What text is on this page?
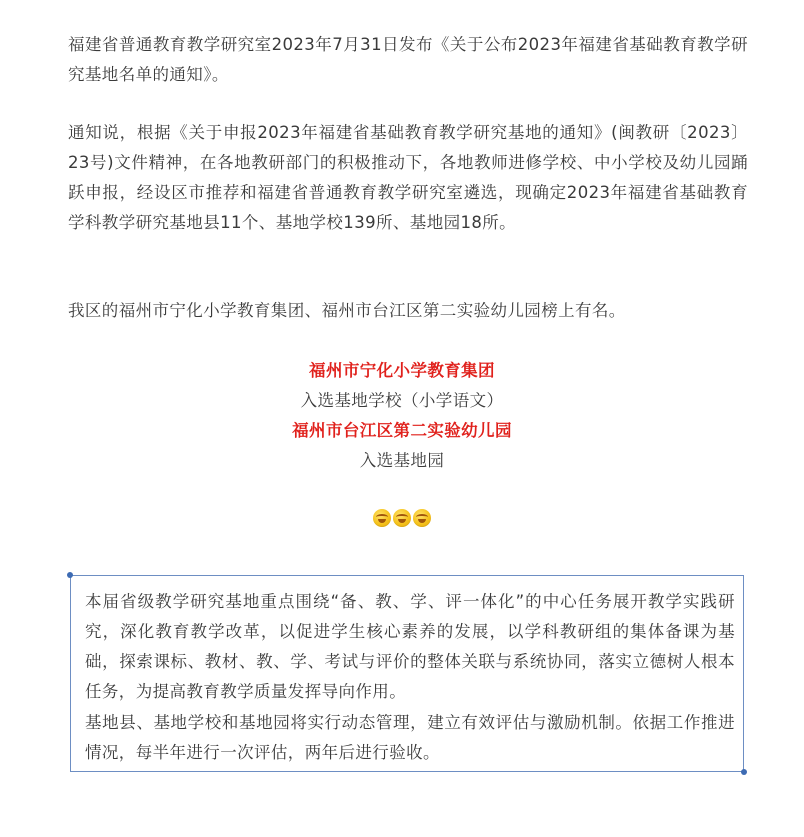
福建省普通教育教学研究室2023年7月31日发布《关于公布2023年福建省基础教育教学研究基地名单的通知》。

通知说，根据《关于申报2023年福建省基础教育教学研究基地的通知》(闽教研〔2023〕23号)文件精神，在各地教研部门的积极推动下，各地教师进修学校、中小学校及幼儿园踊跃申报，经设区市推荐和福建省普通教育教学研究室遴选，现确定2023年福建省基础教育学科教学研究基地县11个、基地学校139所、基地园18所。

我区的福州市宁化小学教育集团、福州市台江区第二实验幼儿园榜上有名。

福州市宁化小学教育集团
入选基地学校（小学语文）
福州市台江区第二实验幼儿园
入选基地园

本届省级教学研究基地重点围绕“备、教、学、评一体化”的中心任务展开教学实践研究，深化教育教学改革，以促进学生核心素养的发展，以学科教研组的集体备课为基础，探索课标、教材、教、学、考试与评价的整体关联与系统协同，落实立德树人根本任务，为提高教育教学质量发挥导向作用。

基地县、基地学校和基地园将实行动态管理，建立有效评估与激励机制。依据工作推进情况，每半年进行一次评估，两年后进行验收。
